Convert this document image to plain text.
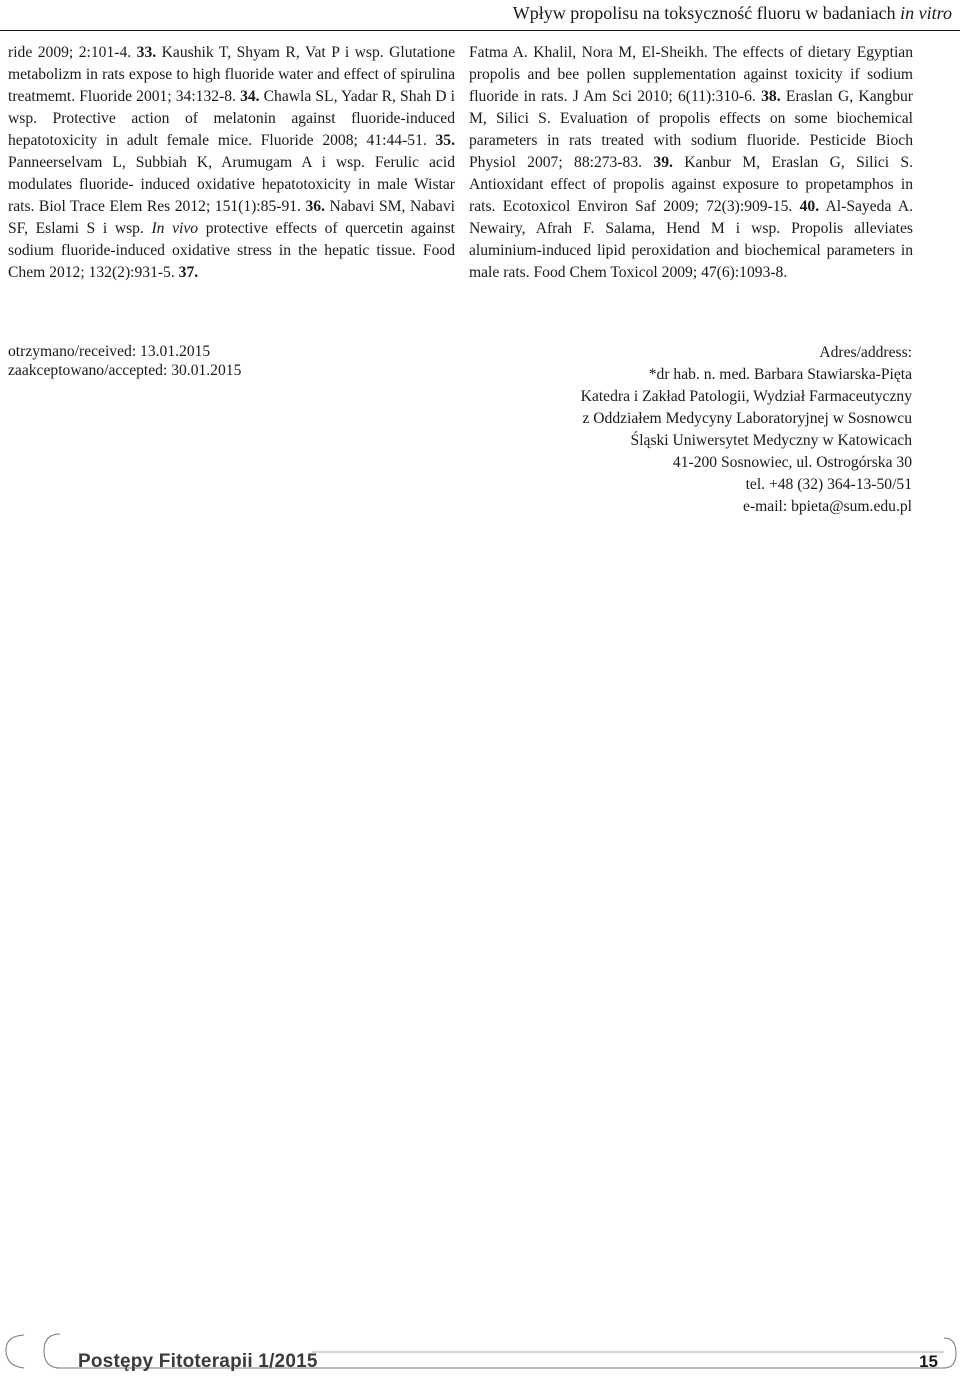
Wpływ propolisu na toksyczność fluoru w badaniach in vitro
ride 2009; 2:101-4. 33. Kaushik T, Shyam R, Vat P i wsp. Glutatione metabolizm in rats expose to high fluoride water and effect of spirulina treatmemt. Fluoride 2001; 34:132-8. 34. Chawla SL, Yadar R, Shah D i wsp. Protective action of melatonin against fluoride-induced hepatotoxicity in adult female mice. Fluoride 2008; 41:44-51. 35. Panneerselvam L, Subbiah K, Arumugam A i wsp. Ferulic acid modulates fluoride- induced oxidative hepatotoxicity in male Wistar rats. Biol Trace Elem Res 2012; 151(1):85-91. 36. Nabavi SM, Nabavi SF, Eslami S i wsp. In vivo protective effects of quercetin against sodium fluoride-induced oxidative stress in the hepatic tissue. Food Chem 2012; 132(2):931-5. 37.
Fatma A. Khalil, Nora M, El-Sheikh. The effects of dietary Egyptian propolis and bee pollen supplementation against toxicity if sodium fluoride in rats. J Am Sci 2010; 6(11):310-6. 38. Eraslan G, Kangbur M, Silici S. Evaluation of propolis effects on some biochemical parameters in rats treated with sodium fluoride. Pesticide Bioch Physiol 2007; 88:273-83. 39. Kanbur M, Eraslan G, Silici S. Antioxidant effect of propolis against exposure to propetamphos in rats. Ecotoxicol Environ Saf 2009; 72(3):909-15. 40. Al-Sayeda A. Newairy, Afrah F. Salama, Hend M i wsp. Propolis alleviates aluminium-induced lipid peroxidation and biochemical parameters in male rats. Food Chem Toxicol 2009; 47(6):1093-8.
otrzymano/received: 13.01.2015
zaakceptowano/accepted: 30.01.2015
Adres/address:
*dr hab. n. med. Barbara Stawiarska-Pięta
Katedra i Zakład Patologii, Wydział Farmaceutyczny
z Oddziałem Medycyny Laboratoryjnej w Sosnowcu
Śląski Uniwersytet Medyczny w Katowicach
41-200 Sosnowiec, ul. Ostrogórska 30
tel. +48 (32) 364-13-50/51
e-mail: bpieta@sum.edu.pl
Postępy Fitoterapii 1/2015	15
